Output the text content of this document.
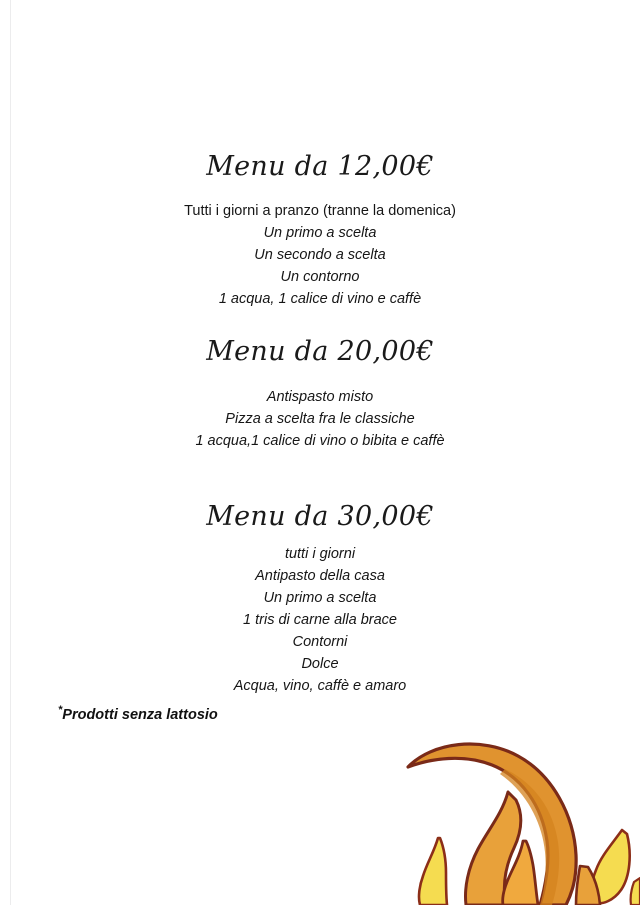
Menu da 12,00€
Tutti i giorni a pranzo (tranne la domenica)
Un primo a scelta
Un secondo a scelta
Un contorno
1 acqua, 1 calice di vino e caffè
Menu da 20,00€
Antispasto misto
Pizza a scelta fra le classiche
1 acqua,1 calice di vino o bibita e caffè
Menu da 30,00€
tutti i giorni
Antipasto della casa
Un primo a scelta
1 tris di carne alla brace
Contorni
Dolce
Acqua, vino, caffè e amaro
*Prodotti senza lattosio
